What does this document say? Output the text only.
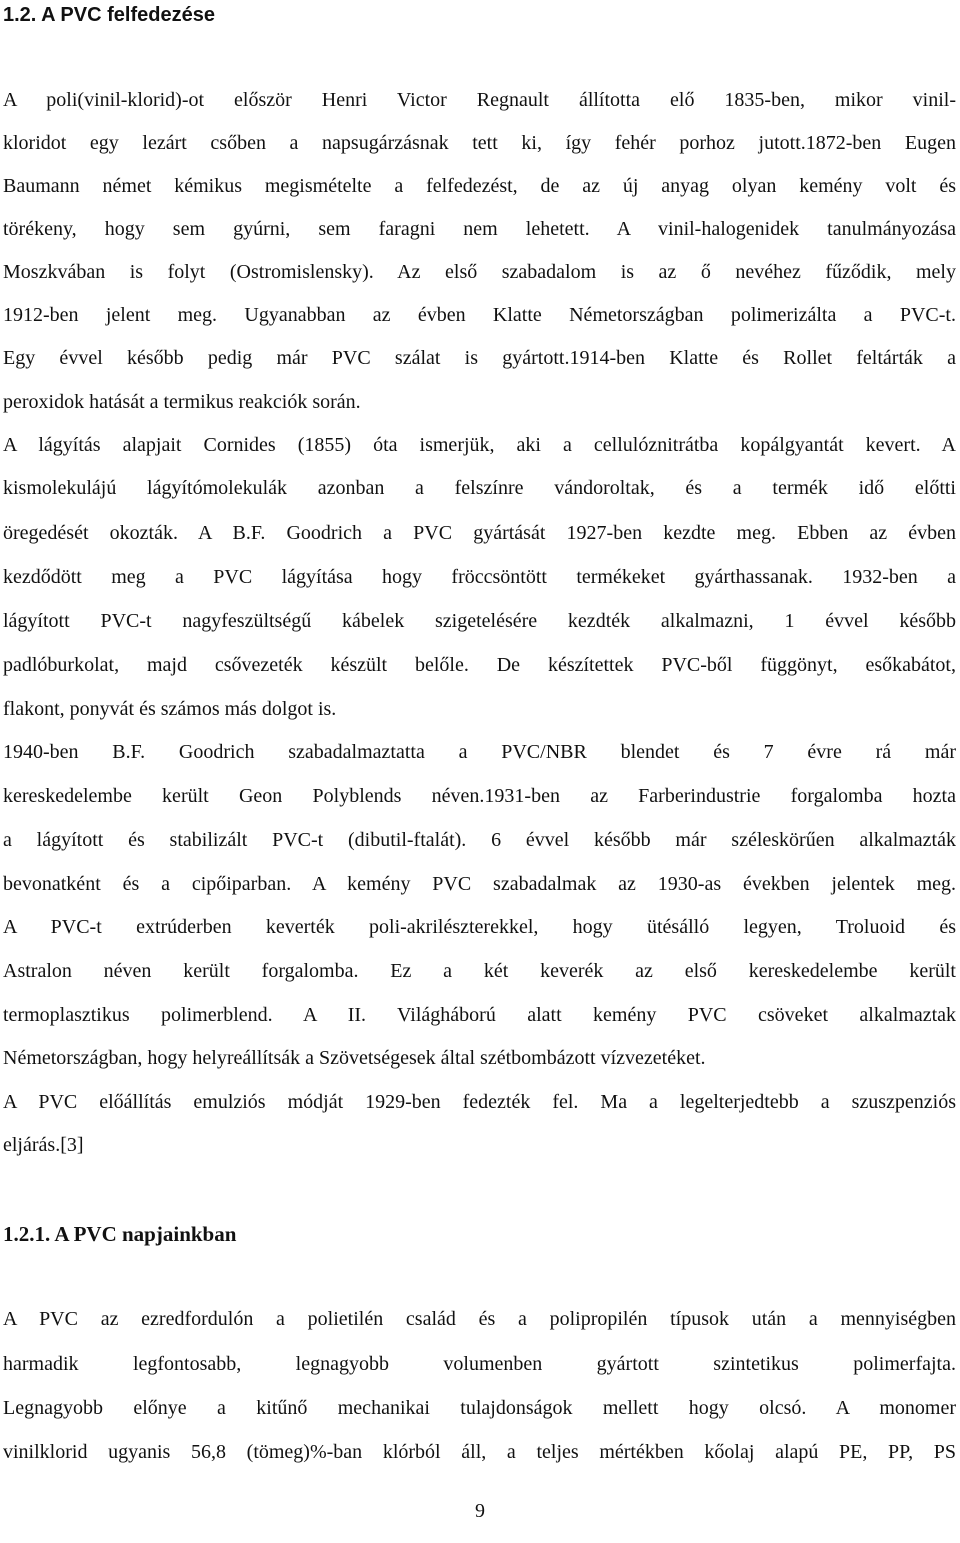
1.2. A PVC felfedezése

A poli(vinil-klorid)-ot először Henri Victor Regnault állította elő 1835-ben, mikor vinil-

kloridot egy lezárt csőben a napsugárzásnak tett ki, így fehér porhoz jutott.1872-ben Eugen

Baumann német kémikus megismételte a felfedezést, de az új anyag olyan kemény volt és

törékeny, hogy sem gyúrni, sem faragni nem lehetett. A vinil-halogenidek tanulmányozása

Moszkvában is folyt (Ostromislensky). Az első szabadalom is az ő nevéhez fűződik, mely

1912-ben jelent meg. Ugyanabban az évben Klatte Németországban polimerizálta a PVC-t.

Egy évvel később pedig már PVC szálat is gyártott.1914-ben Klatte és Rollet feltárták a

peroxidok hatását a termikus reakciók során.

A lágyítás alapjait Cornides (1855) óta ismerjük, aki a cellulóznitrátba kopálgyantát kevert. A

kismolekulájú lágyítómolekulák azonban a felszínre vándoroltak, és a termék idő előtti

öregedését okozták. A B.F. Goodrich a PVC gyártását 1927-ben kezdte meg. Ebben az évben

kezdődött meg a PVC lágyítása hogy fröccsöntött termékeket gyárthassanak. 1932-ben a

lágyított PVC-t nagyfeszültségű kábelek szigetelésére kezdték alkalmazni, 1 évvel később

padlóburkolat, majd csővezeték készült belőle. De készítettek PVC-ből függönyt, esőkabátot,

flakont, ponyvát és számos más dolgot is.

1940-ben B.F. Goodrich szabadalmaztatta a PVC/NBR blendet és 7 évre rá már

kereskedelembe került Geon Polyblends néven.1931-ben az Farberindustrie forgalomba hozta

a lágyított és stabilizált PVC-t (dibutil-ftalát). 6 évvel később már széleskörűen alkalmazták

bevonatként és a cipőiparban. A kemény PVC szabadalmak az 1930-as években jelentek meg.

A PVC-t extrúderben keverték poli-akrilészterekkel, hogy ütésálló legyen, Troluoid és

Astralon néven került forgalomba. Ez a két keverék az első kereskedelembe került

termoplasztikus polimerblend. A II. Világháború alatt kemény PVC csöveket alkalmaztak

Németországban, hogy helyreállítsák a Szövetségesek által szétbombázott vízvezetéket.

A PVC előállítás emulziós módját 1929-ben fedezték fel. Ma a legelterjedtebb a szuszpenziós

eljárás.[3]

1.2.1. A PVC napjainkban

A PVC az ezredfordulón a polietilén család és a polipropilén típusok után a mennyiségben

harmadik legfontosabb, legnagyobb volumenben gyártott szintetikus polimerfajta.

Legnagyobb előnye a kitűnő mechanikai tulajdonságok mellett hogy olcsó. A monomer

vinilklorid ugyanis 56,8 (tömeg)%-ban klórból áll, a teljes mértékben kőolaj alapú PE, PP, PS

9
